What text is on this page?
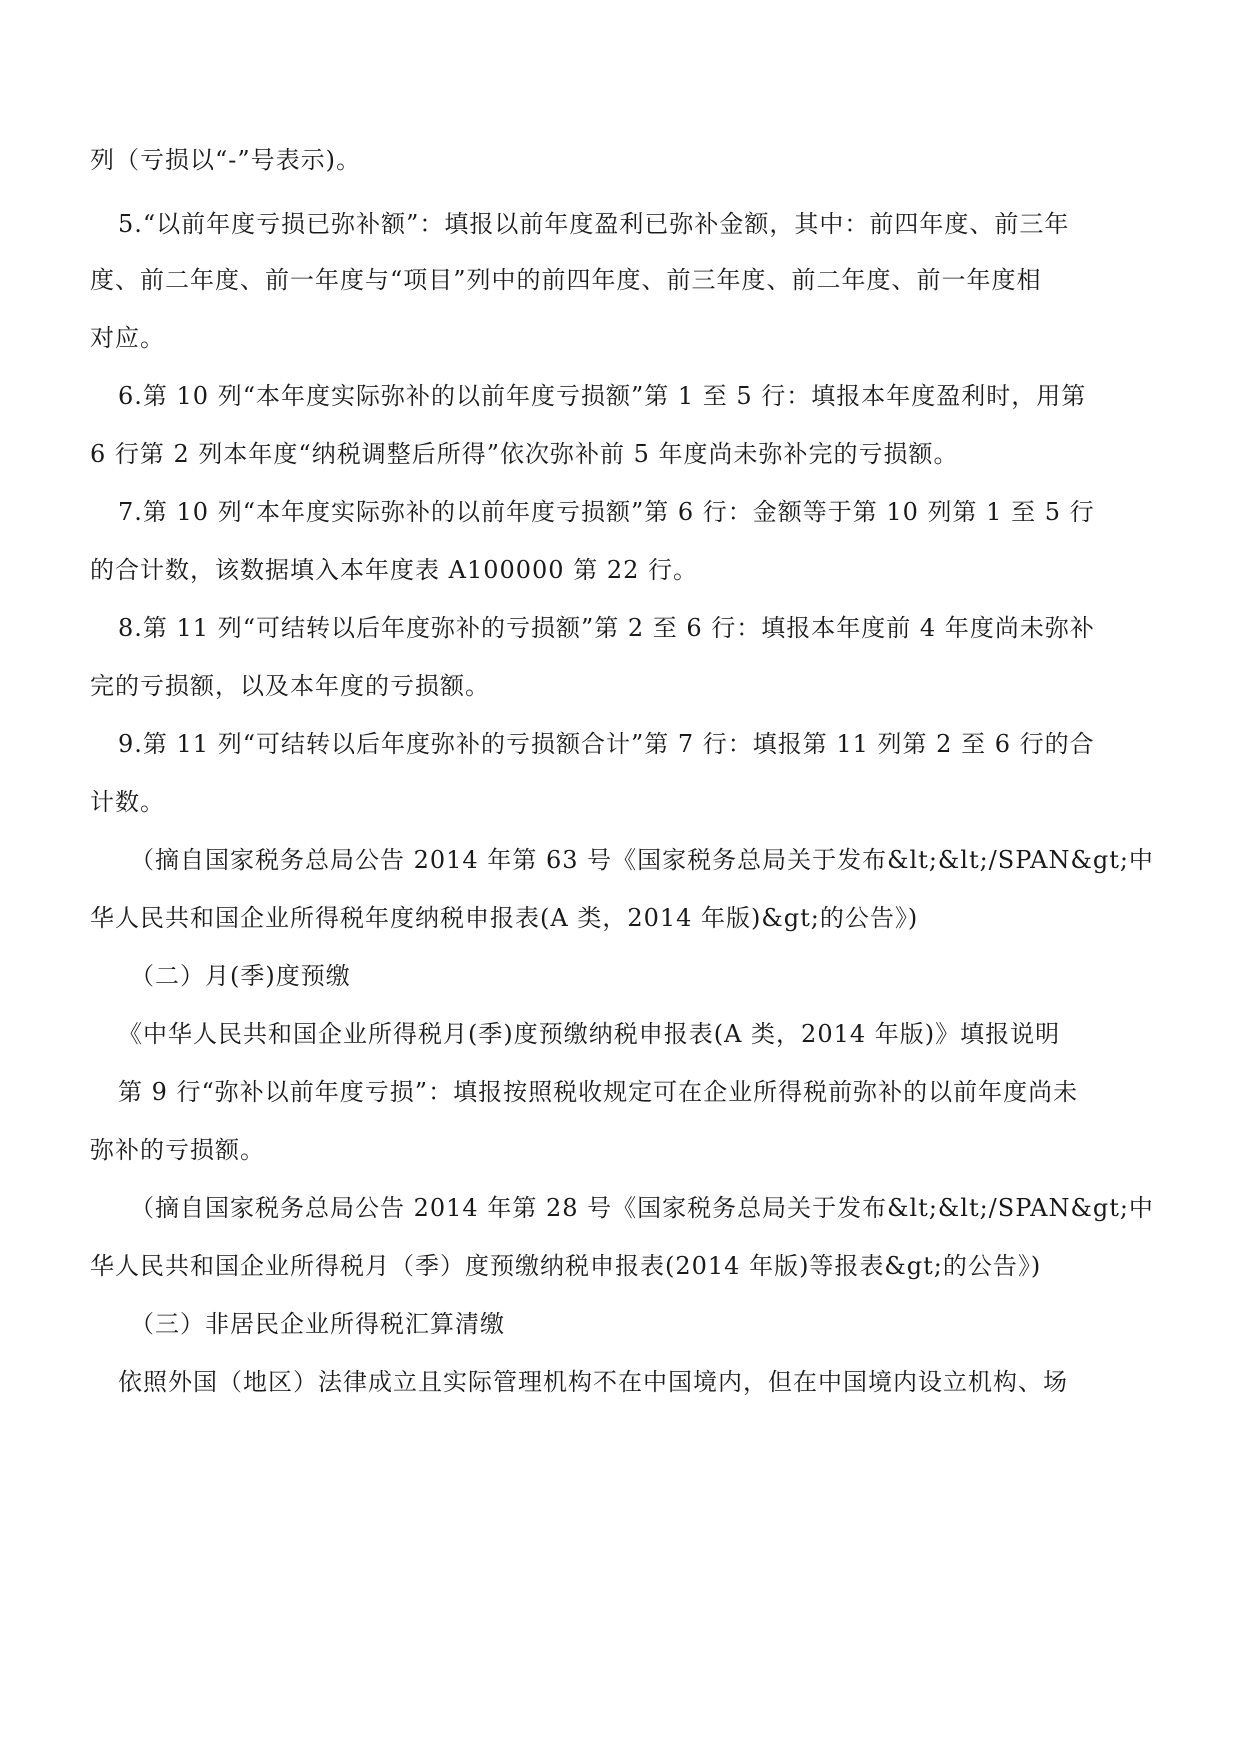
列（亏损以“-”号表示)。
5.“以前年度亏损已弥补额”：填报以前年度盈利已弥补金额，其中：前四年度、前三年
度、前二年度、前一年度与“项目”列中的前四年度、前三年度、前二年度、前一年度相
对应。
6.第 10 列“本年度实际弥补的以前年度亏损额”第 1 至 5 行：填报本年度盈利时，用第
6 行第 2 列本年度“纳税调整后所得”依次弥补前 5 年度尚未弥补完的亏损额。
7.第 10 列“本年度实际弥补的以前年度亏损额”第 6 行：金额等于第 10 列第 1 至 5 行
的合计数，该数据填入本年度表 A100000 第 22 行。
8.第 11 列“可结转以后年度弥补的亏损额”第 2 至 6 行：填报本年度前 4 年度尚未弥补
完的亏损额，以及本年度的亏损额。
9.第 11 列“可结转以后年度弥补的亏损额合计”第 7 行：填报第 11 列第 2 至 6 行的合
计数。
（摘自国家税务总局公告 2014 年第 63 号《国家税务总局关于发布&lt;&lt;/SPAN&gt;中
华人民共和国企业所得税年度纳税申报表(A 类，2014 年版)&gt;的公告》)
（二）月(季)度预缴
《中华人民共和国企业所得税月(季)度预缴纳税申报表(A 类，2014 年版)》填报说明
第 9 行“弥补以前年度亏损”：填报按照税收规定可在企业所得税前弥补的以前年度尚未
弥补的亏损额。
（摘自国家税务总局公告 2014 年第 28 号《国家税务总局关于发布&lt;&lt;/SPAN&gt;中
华人民共和国企业所得税月（季）度预缴纳税申报表(2014 年版)等报表&gt;的公告》)
（三）非居民企业所得税汇算清缴
依照外国（地区）法律成立且实际管理机构不在中国境内，但在中国境内设立机构、场
